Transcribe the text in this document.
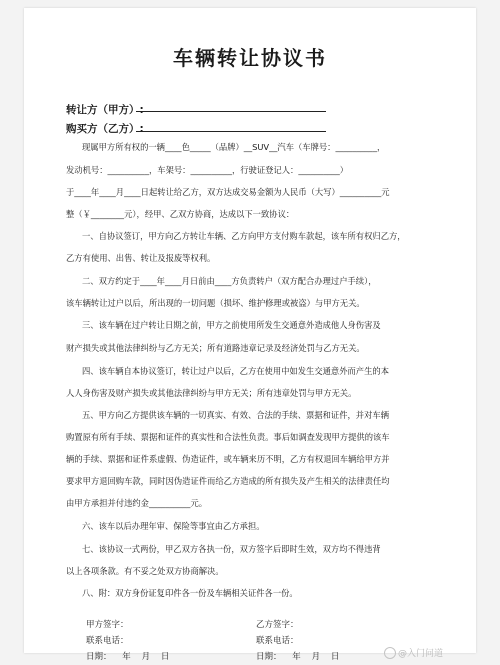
车辆转让协议书
转让方（甲方）:
购买方（乙方）:
现属甲方所有权的一辆____色_____（品牌）__SUV__汽车（车牌号：__________，
发动机号：__________，车架号：__________，行驶证登记人：__________）
于____年____月____日起转让给乙方，双方达成交易金额为人民币（大写）__________元
整（￥________元），经甲、乙双方协商，达成以下一致协议：
一、自协议签订，甲方向乙方转让车辆、乙方向甲方支付购车款起，该车所有权归乙方，
乙方有使用、出售、转让及报废等权利。
二、双方约定于____年____月日前由____方负责转户（双方配合办理过户手续），
该车辆转让过户以后，所出现的一切问题（损坏、维护修理或被盗）与甲方无关。
三、该车辆在过户转让日期之前，甲方之前使用所发生交通意外造成他人身伤害及
财产损失或其他法律纠纷与乙方无关；所有道路违章记录及经济处罚与乙方无关。
四、该车辆自本协议签订，转让过户以后，乙方在使用中如发生交通意外而产生的本
人人身伤害及财产损失或其他法律纠纷与甲方无关；所有违章处罚与甲方无关。
五、甲方向乙方提供该车辆的一切真实、有效、合法的手续、票据和证件，并对车辆
购置原有所有手续、票据和证件的真实性和合法性负责。事后如调查发现甲方提供的该车
辆的手续、票据和证件系虚假、伪造证件，或车辆来历不明，乙方有权退回车辆给甲方并
要求甲方退回购车款，同时因伪造证件而给乙方造成的所有损失及产生相关的法律责任均
由甲方承担并付违约金__________元。
六、该车以后办理年审、保险等事宜由乙方承担。
七、该协议一式两份，甲乙双方各执一份，双方签字后即时生效，双方均不得违背
以上各项条款。有不妥之处双方协商解决。
八、附：双方身份证复印件各一份及车辆相关证件各一份。
甲方签字：	乙方签字：
联系电话：	联系电话：
日期：    年    月    日	日期：    年    月    日	@入门问道
